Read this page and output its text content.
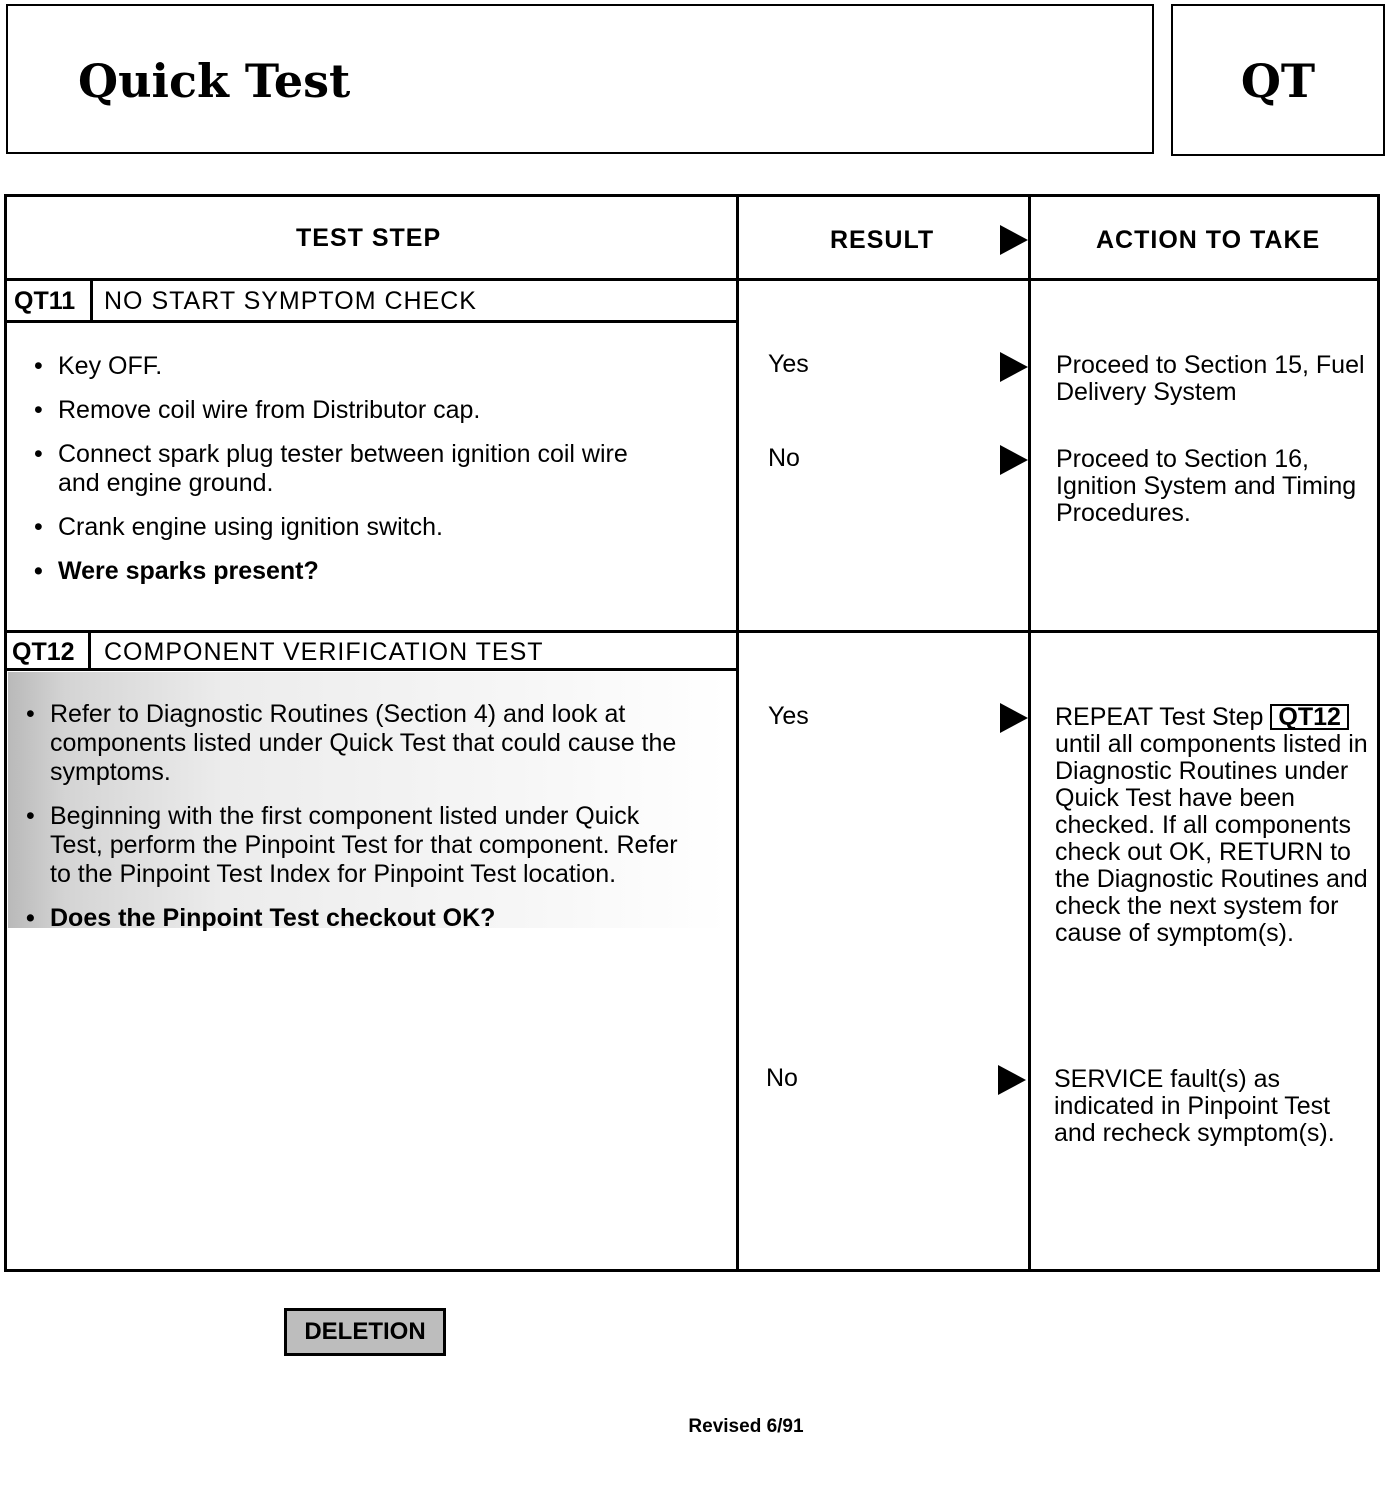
Quick Test	QT
TEST STEP	RESULT	ACTION TO TAKE
QT11 NO START SYMPTOM CHECK
• Key OFF.
• Remove coil wire from Distributor cap.
• Connect spark plug tester between ignition coil wire and engine ground.
• Crank engine using ignition switch.
• Were sparks present?
Yes	Proceed to Section 15, Fuel Delivery System
No	Proceed to Section 16, Ignition System and Timing Procedures.
QT12 COMPONENT VERIFICATION TEST
• Refer to Diagnostic Routines (Section 4) and look at components listed under Quick Test that could cause the symptoms.
• Beginning with the first component listed under Quick Test, perform the Pinpoint Test for that component. Refer to the Pinpoint Test Index for Pinpoint Test location.
• Does the Pinpoint Test checkout OK?
Yes	REPEAT Test Step QT12 until all components listed in Diagnostic Routines under Quick Test have been checked. If all components check out OK, RETURN to the Diagnostic Routines and check the next system for cause of symptom(s).
No	SERVICE fault(s) as indicated in Pinpoint Test and recheck symptom(s).
DELETION
Revised 6/91
